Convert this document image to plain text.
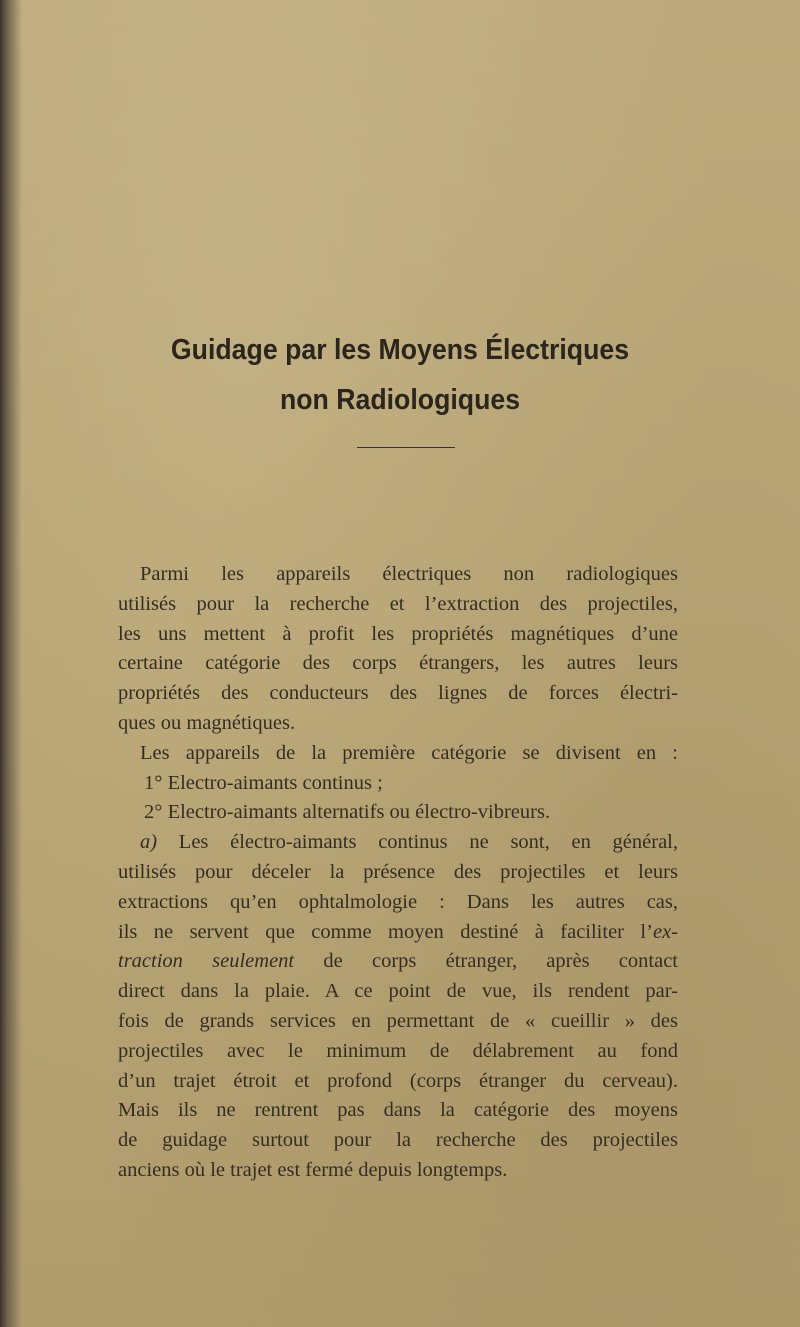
Guidage par les Moyens Électriques
non Radiologiques
Parmi les appareils électriques non radiologiques
utilisés pour la recherche et l’extraction des projectiles,
les uns mettent à profit les propriétés magnétiques d’une
certaine catégorie des corps étrangers, les autres leurs
propriétés des conducteurs des lignes de forces électri-
ques ou magnétiques.
Les appareils de la première catégorie se divisent en :
1° Electro-aimants continus ;
2° Electro-aimants alternatifs ou électro-vibreurs.
a) Les électro-aimants continus ne sont, en général,
utilisés pour déceler la présence des projectiles et leurs
extractions qu’en ophtalmologie : Dans les autres cas,
ils ne servent que comme moyen destiné à faciliter l’ex-
traction seulement de corps étranger, après contact
direct dans la plaie. A ce point de vue, ils rendent par-
fois de grands services en permettant de « cueillir » des
projectiles avec le minimum de délabrement au fond
d’un trajet étroit et profond (corps étranger du cerveau).
Mais ils ne rentrent pas dans la catégorie des moyens
de guidage surtout pour la recherche des projectiles
anciens où le trajet est fermé depuis longtemps.
